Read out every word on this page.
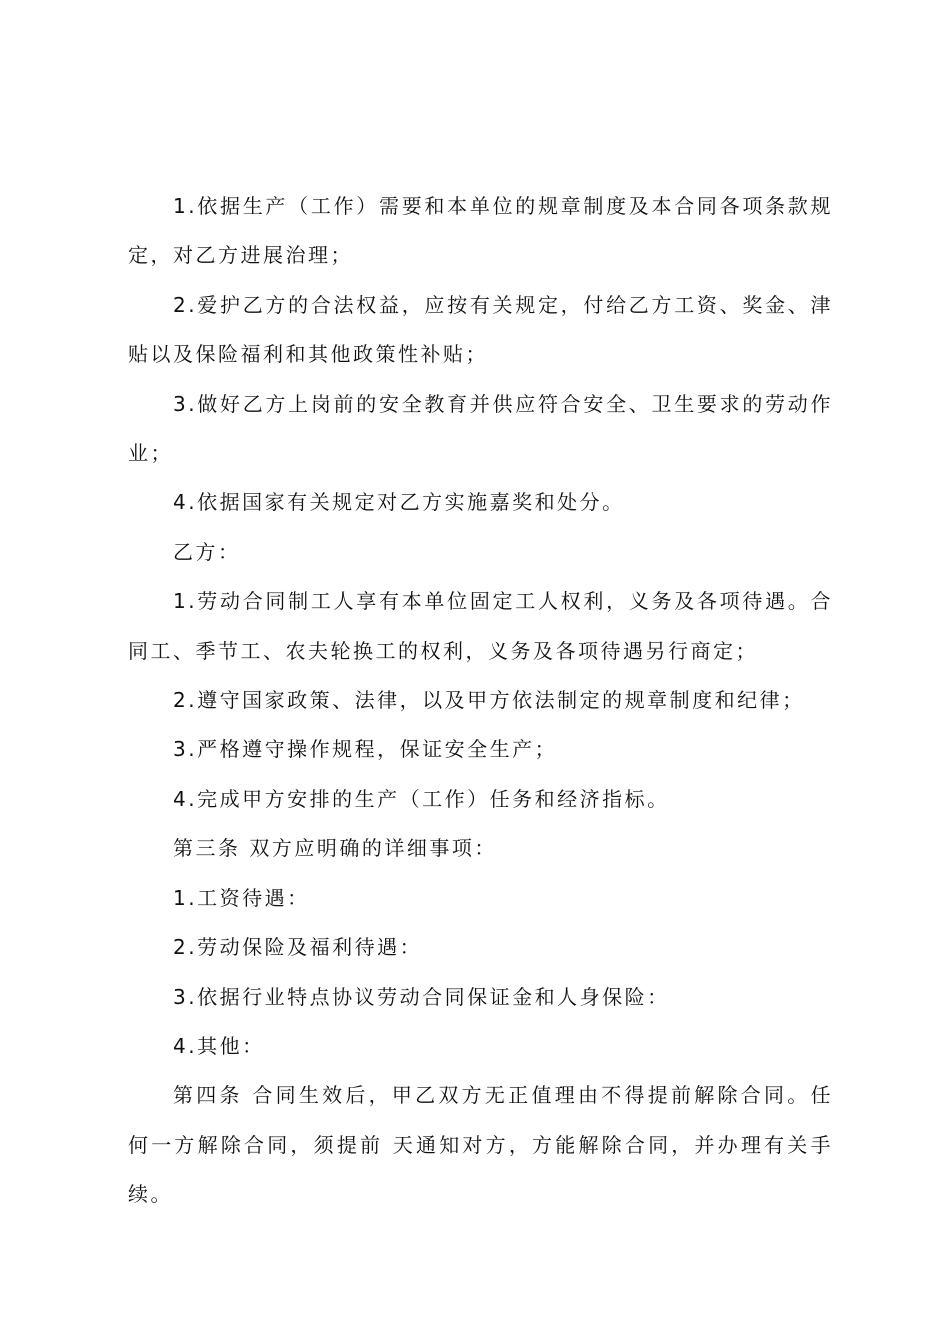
1.依据生产（工作）需要和本单位的规章制度及本合同各项条款规定，对乙方进展治理；

2.爱护乙方的合法权益，应按有关规定，付给乙方工资、奖金、津贴以及保险福利和其他政策性补贴；

3.做好乙方上岗前的安全教育并供应符合安全、卫生要求的劳动作业；

4.依据国家有关规定对乙方实施嘉奖和处分。

乙方：

1.劳动合同制工人享有本单位固定工人权利，义务及各项待遇。合同工、季节工、农夫轮换工的权利，义务及各项待遇另行商定；

2.遵守国家政策、法律，以及甲方依法制定的规章制度和纪律；

3.严格遵守操作规程，保证安全生产；

4.完成甲方安排的生产（工作）任务和经济指标。

第三条 双方应明确的详细事项：

1.工资待遇：

2.劳动保险及福利待遇：

3.依据行业特点协议劳动合同保证金和人身保险：

4.其他：

第四条 合同生效后，甲乙双方无正值理由不得提前解除合同。任何一方解除合同，须提前 天通知对方，方能解除合同，并办理有关手续。
